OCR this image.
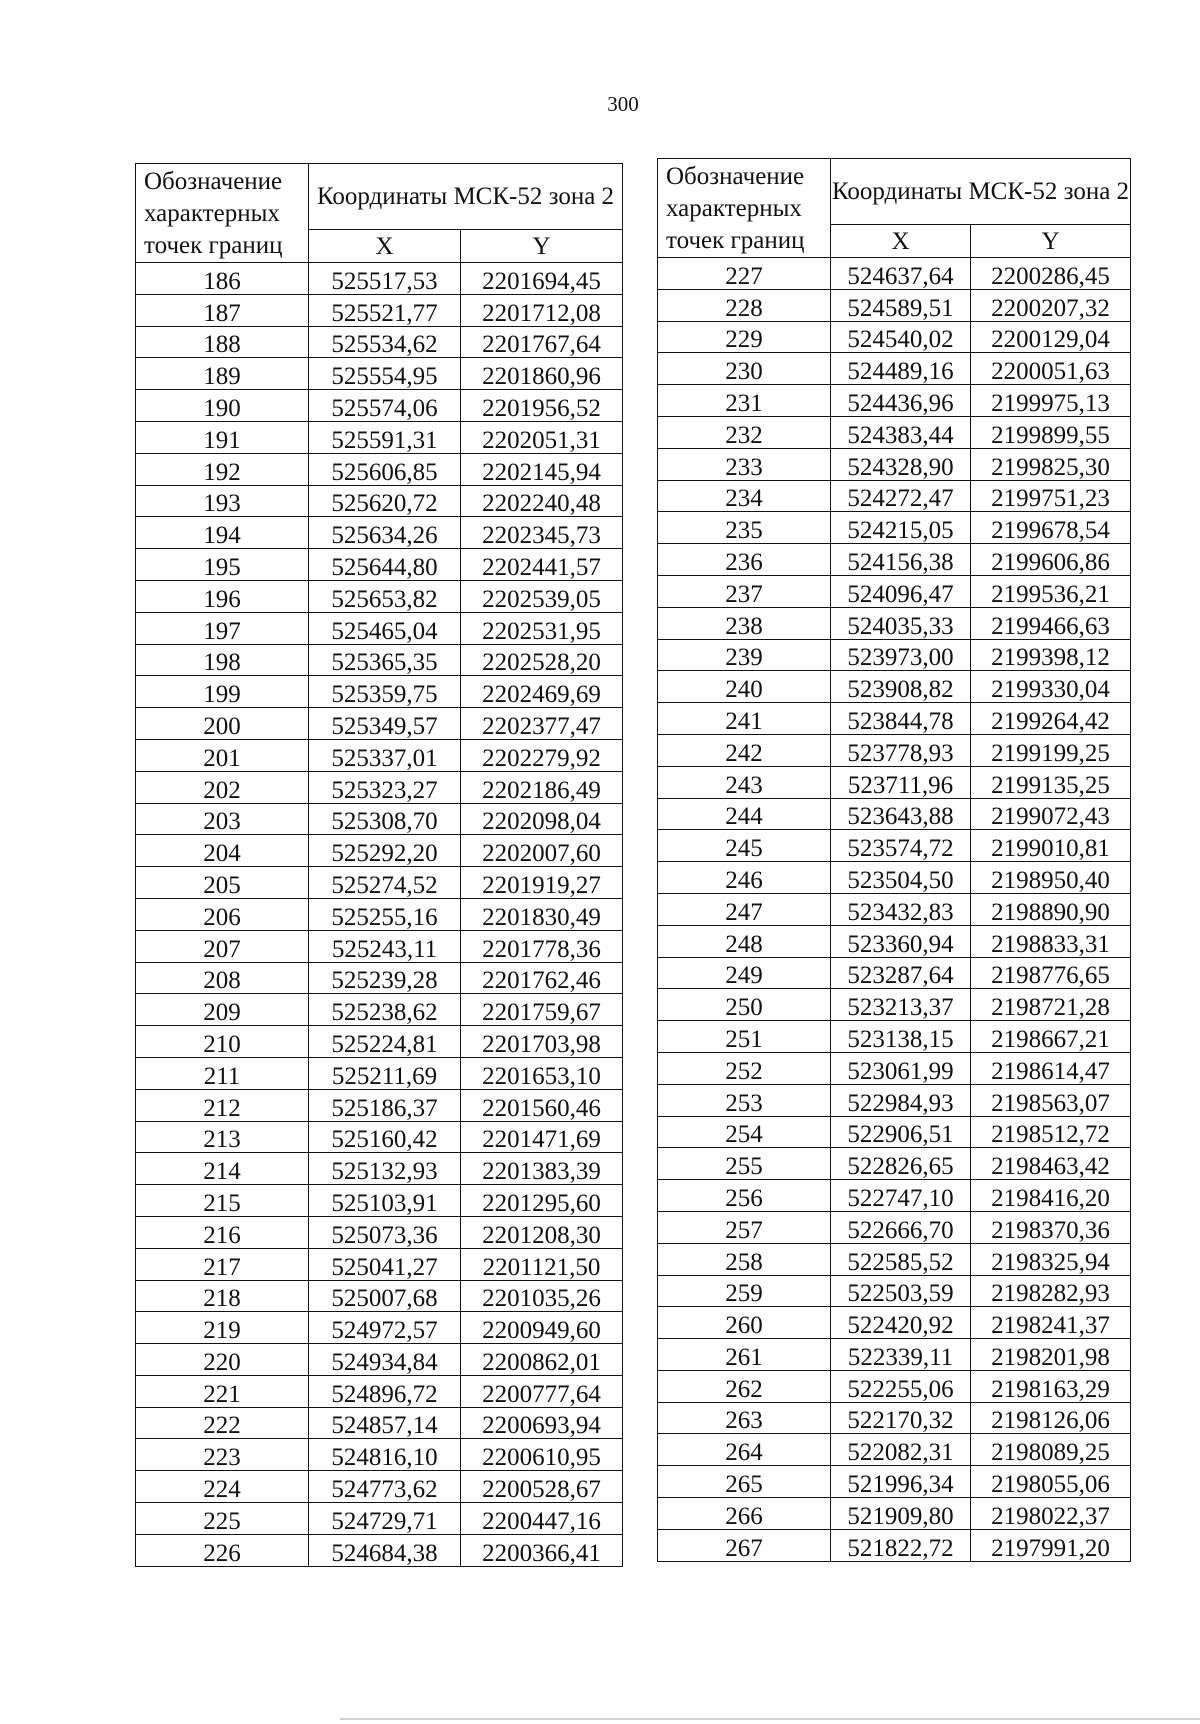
300
Обозначение характерных точек границ	Координаты МСК-52 зона 2	
	X	Y
186	525517,53	2201694,45
187	525521,77	2201712,08
188	525534,62	2201767,64
189	525554,95	2201860,96
190	525574,06	2201956,52
191	525591,31	2202051,31
192	525606,85	2202145,94
193	525620,72	2202240,48
194	525634,26	2202345,73
195	525644,80	2202441,57
196	525653,82	2202539,05
197	525465,04	2202531,95
198	525365,35	2202528,20
199	525359,75	2202469,69
200	525349,57	2202377,47
201	525337,01	2202279,92
202	525323,27	2202186,49
203	525308,70	2202098,04
204	525292,20	2202007,60
205	525274,52	2201919,27
206	525255,16	2201830,49
207	525243,11	2201778,36
208	525239,28	2201762,46
209	525238,62	2201759,67
210	525224,81	2201703,98
211	525211,69	2201653,10
212	525186,37	2201560,46
213	525160,42	2201471,69
214	525132,93	2201383,39
215	525103,91	2201295,60
216	525073,36	2201208,30
217	525041,27	2201121,50
218	525007,68	2201035,26
219	524972,57	2200949,60
220	524934,84	2200862,01
221	524896,72	2200777,64
222	524857,14	2200693,94
223	524816,10	2200610,95
224	524773,62	2200528,67
225	524729,71	2200447,16
226	524684,38	2200366,41
Обозначение характерных точек границ	Координаты МСК-52 зона 2	
	X	Y
227	524637,64	2200286,45
228	524589,51	2200207,32
229	524540,02	2200129,04
230	524489,16	2200051,63
231	524436,96	2199975,13
232	524383,44	2199899,55
233	524328,90	2199825,30
234	524272,47	2199751,23
235	524215,05	2199678,54
236	524156,38	2199606,86
237	524096,47	2199536,21
238	524035,33	2199466,63
239	523973,00	2199398,12
240	523908,82	2199330,04
241	523844,78	2199264,42
242	523778,93	2199199,25
243	523711,96	2199135,25
244	523643,88	2199072,43
245	523574,72	2199010,81
246	523504,50	2198950,40
247	523432,83	2198890,90
248	523360,94	2198833,31
249	523287,64	2198776,65
250	523213,37	2198721,28
251	523138,15	2198667,21
252	523061,99	2198614,47
253	522984,93	2198563,07
254	522906,51	2198512,72
255	522826,65	2198463,42
256	522747,10	2198416,20
257	522666,70	2198370,36
258	522585,52	2198325,94
259	522503,59	2198282,93
260	522420,92	2198241,37
261	522339,11	2198201,98
262	522255,06	2198163,29
263	522170,32	2198126,06
264	522082,31	2198089,25
265	521996,34	2198055,06
266	521909,80	2198022,37
267	521822,72	2197991,20
